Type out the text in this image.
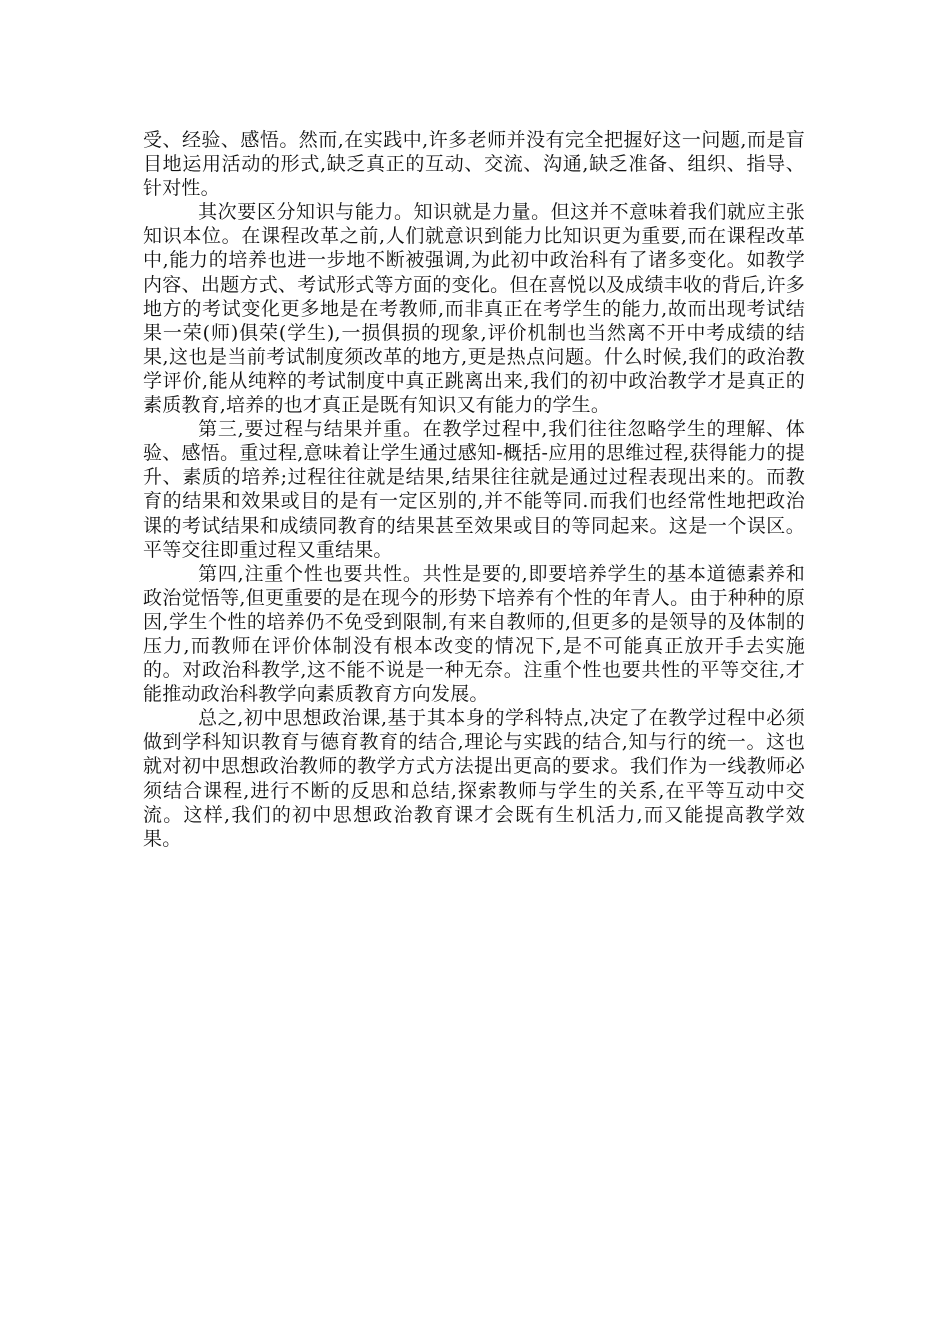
受、经验、感悟。然而,在实践中,许多老师并没有完全把握好这一问题,而是盲目地运用活动的形式,缺乏真正的互动、交流、沟通,缺乏准备、组织、指导、针对性。

其次要区分知识与能力。知识就是力量。但这并不意味着我们就应主张知识本位。在课程改革之前,人们就意识到能力比知识更为重要,而在课程改革中,能力的培养也进一步地不断被强调,为此初中政治科有了诸多变化。如教学内容、出题方式、考试形式等方面的变化。但在喜悦以及成绩丰收的背后,许多地方的考试变化更多地是在考教师,而非真正在考学生的能力,故而出现考试结果一荣(师)俱荣(学生),一损俱损的现象,评价机制也当然离不开中考成绩的结果,这也是当前考试制度须改革的地方,更是热点问题。什么时候,我们的政治教学评价,能从纯粹的考试制度中真正跳离出来,我们的初中政治教学才是真正的素质教育,培养的也才真正是既有知识又有能力的学生。

第三,要过程与结果并重。在教学过程中,我们往往忽略学生的理解、体验、感悟。重过程,意味着让学生通过感知-概括-应用的思维过程,获得能力的提升、素质的培养;过程往往就是结果,结果往往就是通过过程表现出来的。而教育的结果和效果或目的是有一定区别的,并不能等同.而我们也经常性地把政治课的考试结果和成绩同教育的结果甚至效果或目的等同起来。这是一个误区。平等交往即重过程又重结果。

第四,注重个性也要共性。共性是要的,即要培养学生的基本道德素养和政治觉悟等,但更重要的是在现今的形势下培养有个性的年青人。由于种种的原因,学生个性的培养仍不免受到限制,有来自教师的,但更多的是领导的及体制的压力,而教师在评价体制没有根本改变的情况下,是不可能真正放开手去实施的。对政治科教学,这不能不说是一种无奈。注重个性也要共性的平等交往,才能推动政治科教学向素质教育方向发展。

总之,初中思想政治课,基于其本身的学科特点,决定了在教学过程中必须做到学科知识教育与德育教育的结合,理论与实践的结合,知与行的统一。这也就对初中思想政治教师的教学方式方法提出更高的要求。我们作为一线教师必须结合课程,进行不断的反思和总结,探索教师与学生的关系,在平等互动中交流。这样,我们的初中思想政治教育课才会既有生机活力,而又能提高教学效果。
